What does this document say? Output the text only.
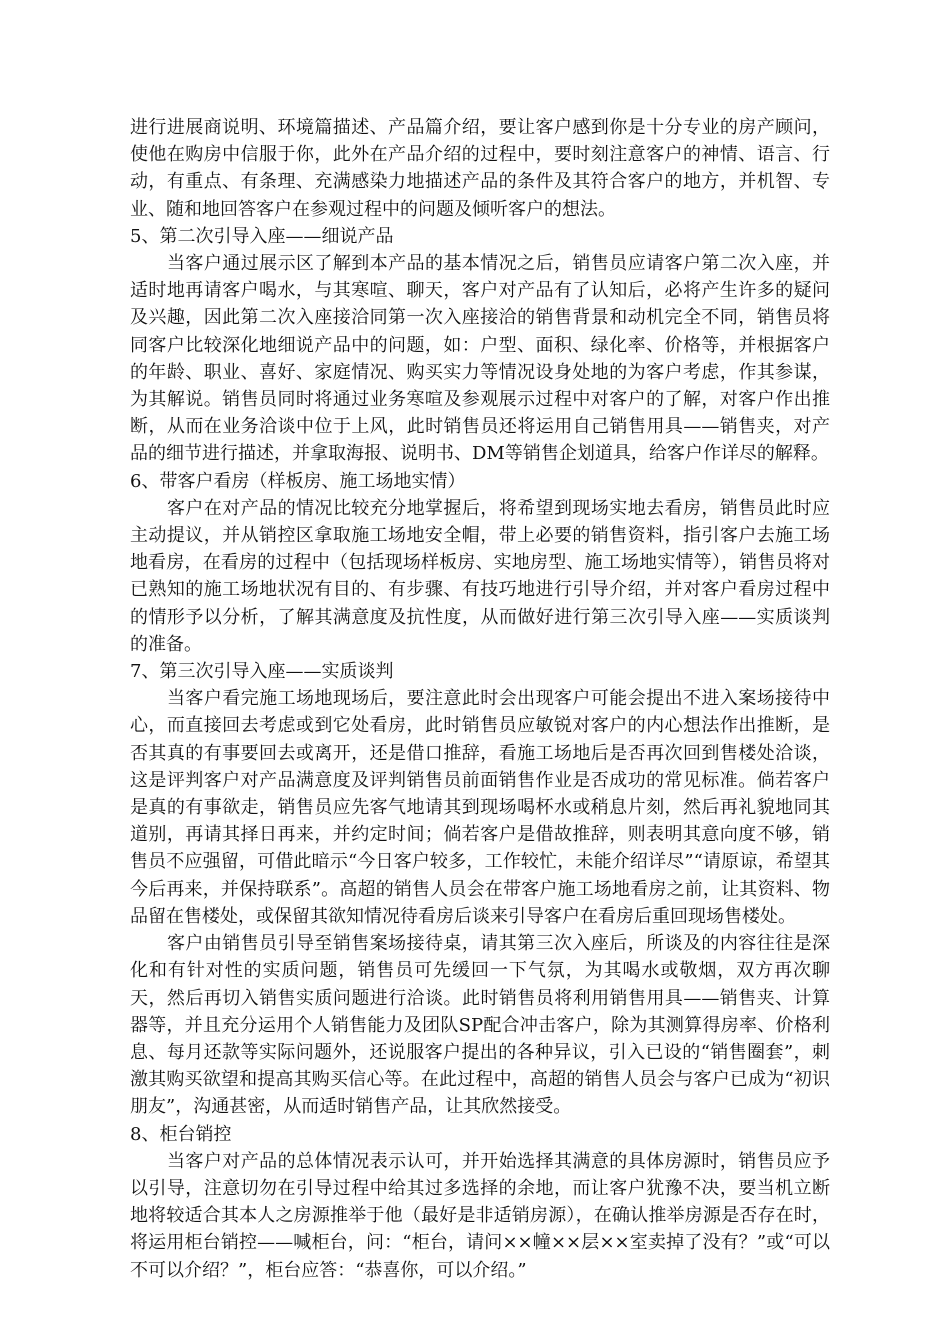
进行进展商说明、环境篇描述、产品篇介绍，要让客户感到你是十分专业的房产顾问，使他在购房中信服于你，此外在产品介绍的过程中，要时刻注意客户的神情、语言、行动，有重点、有条理、充满感染力地描述产品的条件及其符合客户的地方，并机智、专业、随和地回答客户在参观过程中的问题及倾听客户的想法。

5、第二次引导入座——细说产品

当客户通过展示区了解到本产品的基本情况之后，销售员应请客户第二次入座，并适时地再请客户喝水，与其寒喧、聊天，客户对产品有了认知后，必将产生许多的疑问及兴趣，因此第二次入座接洽同第一次入座接洽的销售背景和动机完全不同，销售员将同客户比较深化地细说产品中的问题，如：户型、面积、绿化率、价格等，并根据客户的年龄、职业、喜好、家庭情况、购买实力等情况设身处地的为客户考虑，作其参谋，为其解说。销售员同时将通过业务寒喧及参观展示过程中对客户的了解，对客户作出推断，从而在业务洽谈中位于上风，此时销售员还将运用自己销售用具——销售夹，对产品的细节进行描述，并拿取海报、说明书、DM等销售企划道具，给客户作详尽的解释。

6、带客户看房（样板房、施工场地实情）

客户在对产品的情况比较充分地掌握后，将希望到现场实地去看房，销售员此时应主动提议，并从销控区拿取施工场地安全帽，带上必要的销售资料，指引客户去施工场地看房，在看房的过程中（包括现场样板房、实地房型、施工场地实情等），销售员将对已熟知的施工场地状况有目的、有步骤、有技巧地进行引导介绍，并对客户看房过程中的情形予以分析，了解其满意度及抗性度，从而做好进行第三次引导入座——实质谈判的准备。

7、第三次引导入座——实质谈判

当客户看完施工场地现场后，要注意此时会出现客户可能会提出不进入案场接待中心，而直接回去考虑或到它处看房，此时销售员应敏锐对客户的内心想法作出推断，是否其真的有事要回去或离开，还是借口推辞，看施工场地后是否再次回到售楼处洽谈，这是评判客户对产品满意度及评判销售员前面销售作业是否成功的常见标准。倘若客户是真的有事欲走，销售员应先客气地请其到现场喝杯水或稍息片刻，然后再礼貌地同其道别，再请其择日再来，并约定时间；倘若客户是借故推辞，则表明其意向度不够，销售员不应强留，可借此暗示“今日客户较多，工作较忙，未能介绍详尽”“请原谅，希望其今后再来，并保持联系”。高超的销售人员会在带客户施工场地看房之前，让其资料、物品留在售楼处，或保留其欲知情况待看房后谈来引导客户在看房后重回现场售楼处。

客户由销售员引导至销售案场接待桌，请其第三次入座后，所谈及的内容往往是深化和有针对性的实质问题，销售员可先缓回一下气氛，为其喝水或敬烟，双方再次聊天，然后再切入销售实质问题进行洽谈。此时销售员将利用销售用具——销售夹、计算器等，并且充分运用个人销售能力及团队SP配合冲击客户，除为其测算得房率、价格利息、每月还款等实际问题外，还说服客户提出的各种异议，引入已设的“销售圈套”，刺激其购买欲望和提高其购买信心等。在此过程中，高超的销售人员会与客户已成为“初识朋友”，沟通甚密，从而适时销售产品，让其欣然接受。

8、柜台销控

当客户对产品的总体情况表示认可，并开始选择其满意的具体房源时，销售员应予以引导，注意切勿在引导过程中给其过多选择的余地，而让客户犹豫不决，要当机立断地将较适合其本人之房源推举于他（最好是非适销房源），在确认推举房源是否存在时，将运用柜台销控——喊柜台，问：“柜台，请问××幢××层××室卖掉了没有？”或“可以不可以介绍？”，柜台应答：“恭喜你，可以介绍。”
